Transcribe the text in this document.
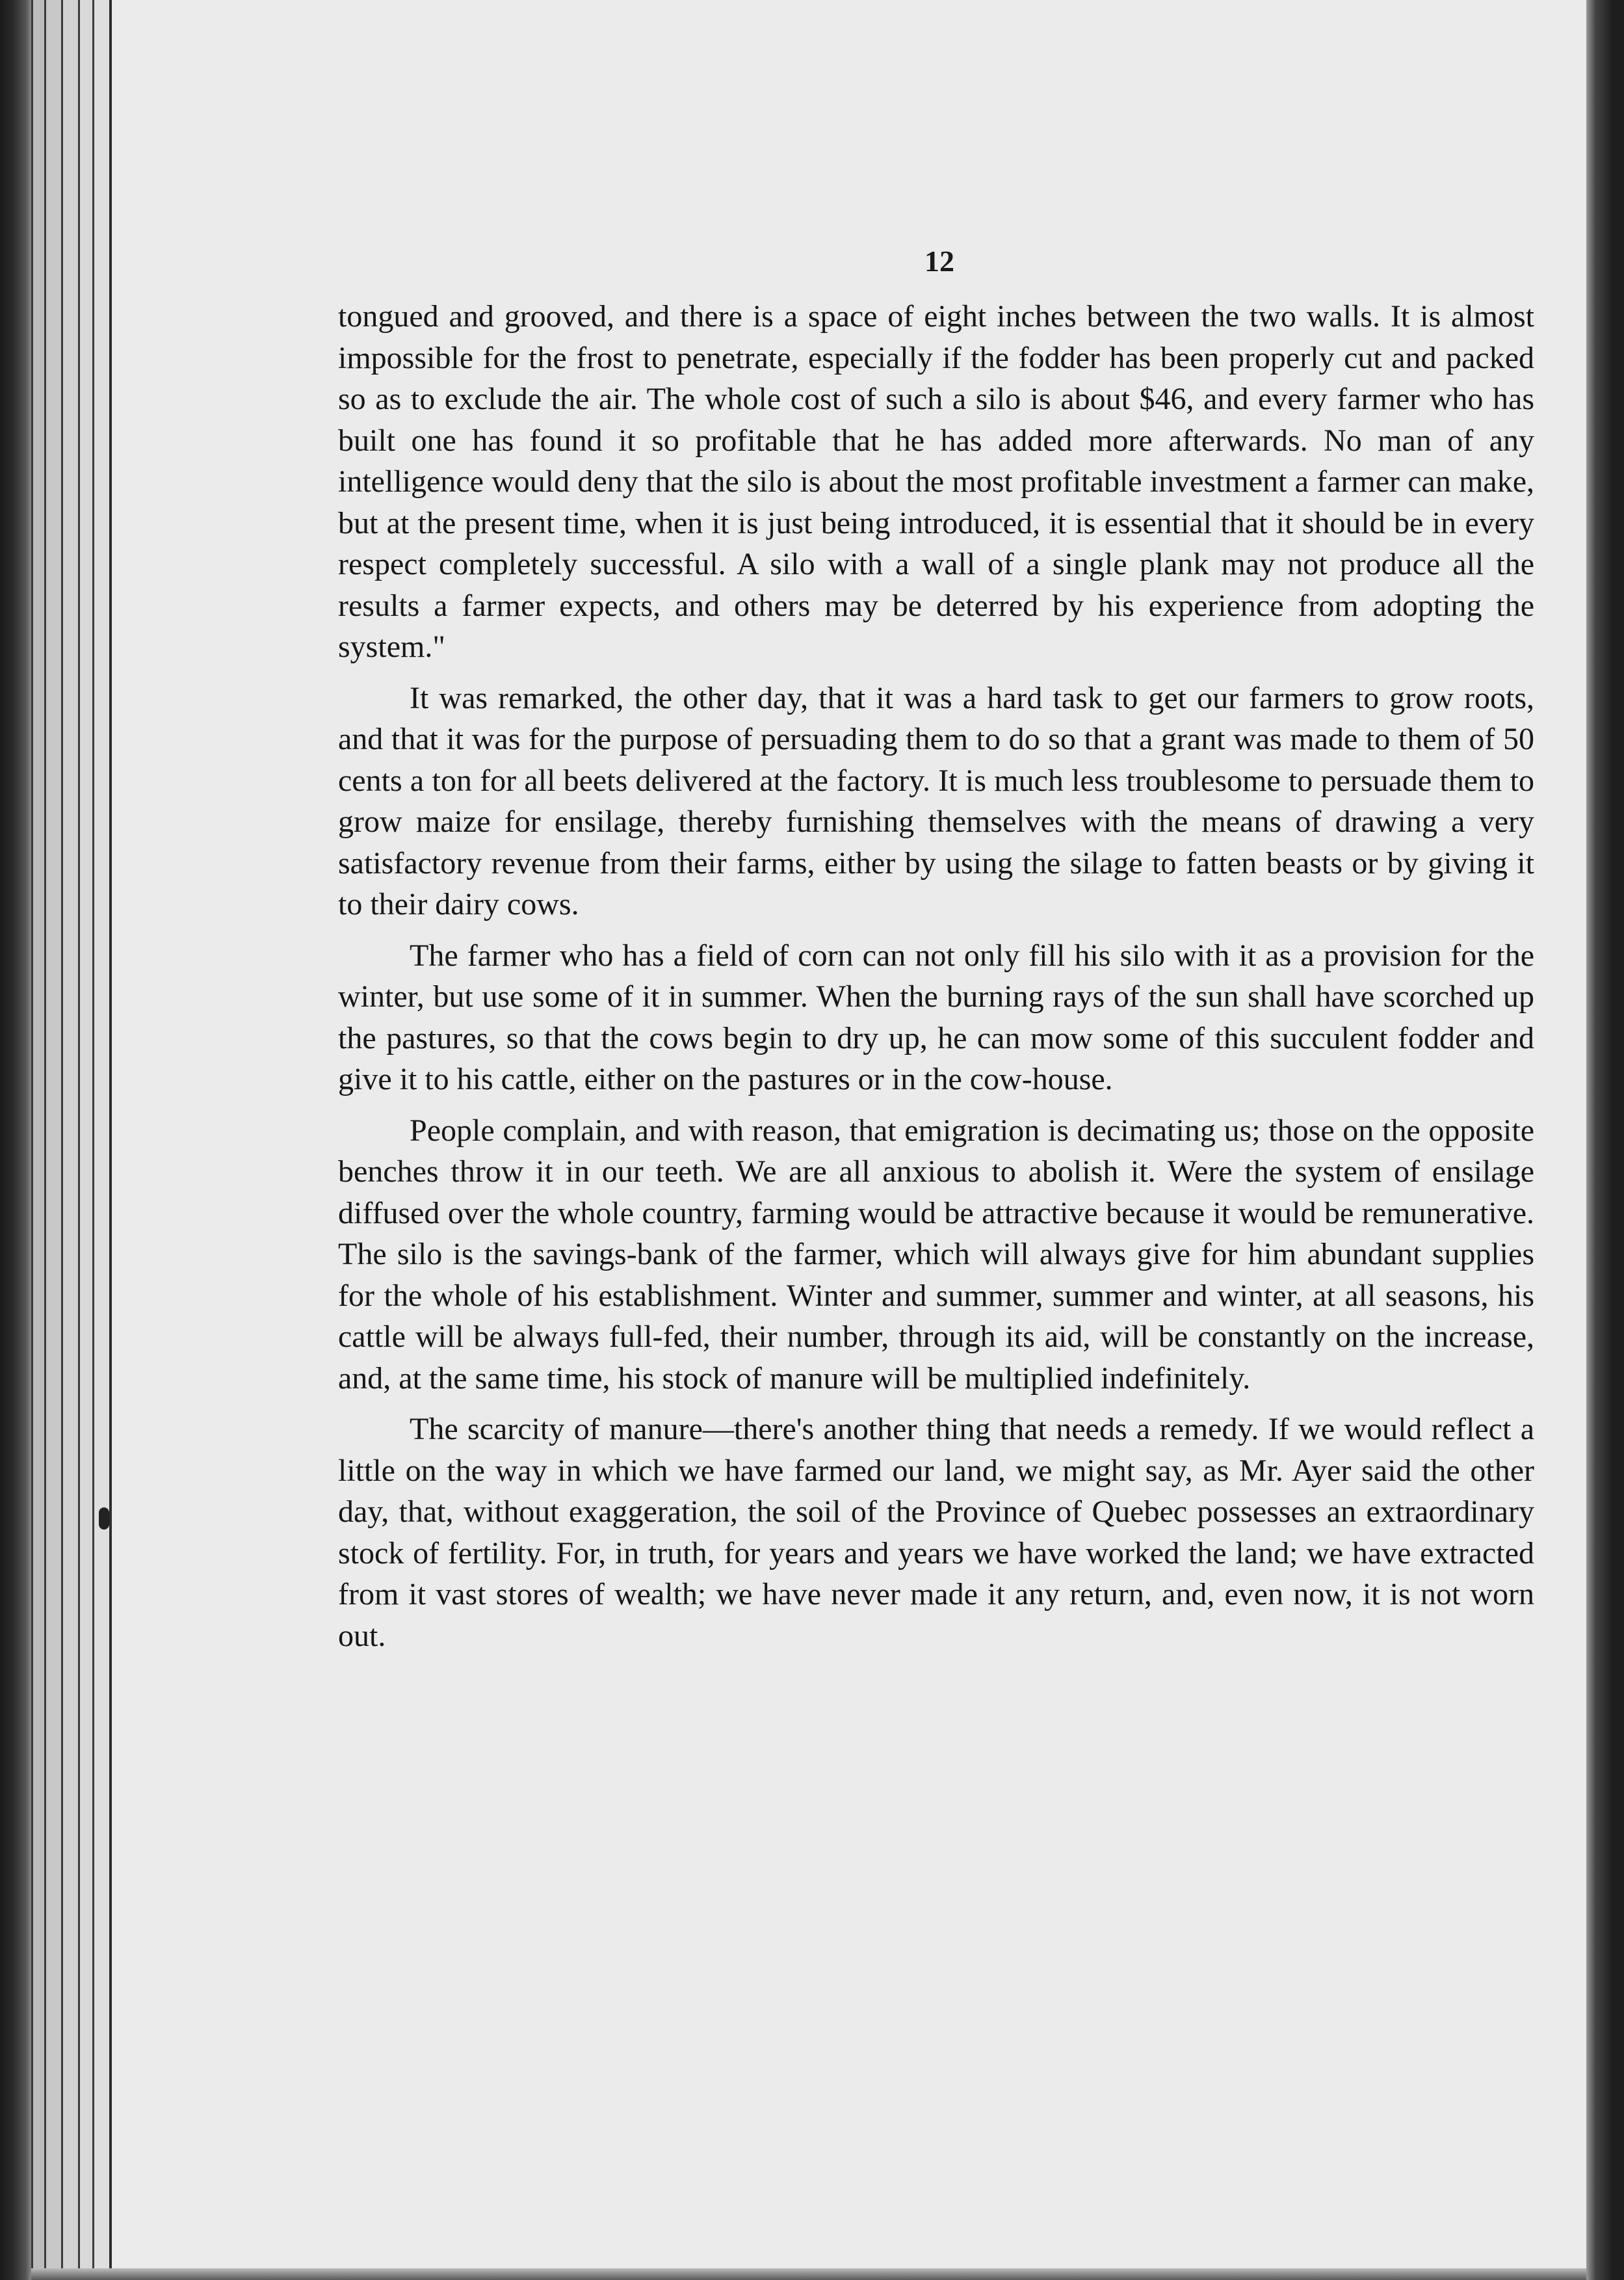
12

tongued and grooved, and there is a space of eight inches between the two walls. It is almost impossible for the frost to penetrate, especially if the fodder has been properly cut and packed so as to exclude the air. The whole cost of such a silo is about $46, and every farmer who has built one has found it so profitable that he has added more afterwards. No man of any intelligence would deny that the silo is about the most profitable investment a farmer can make, but at the present time, when it is just being introduced, it is essential that it should be in every respect completely successful. A silo with a wall of a single plank may not produce all the results a farmer expects, and others may be deterred by his experience from adopting the system."

It was remarked, the other day, that it was a hard task to get our farmers to grow roots, and that it was for the purpose of persuading them to do so that a grant was made to them of 50 cents a ton for all beets delivered at the factory. It is much less troublesome to persuade them to grow maize for ensilage, thereby furnishing themselves with the means of drawing a very satisfactory revenue from their farms, either by using the silage to fatten beasts or by giving it to their dairy cows.

The farmer who has a field of corn can not only fill his silo with it as a provision for the winter, but use some of it in summer. When the burning rays of the sun shall have scorched up the pastures, so that the cows begin to dry up, he can mow some of this succulent fodder and give it to his cattle, either on the pastures or in the cow-house.

People complain, and with reason, that emigration is decimating us; those on the opposite benches throw it in our teeth. We are all anxious to abolish it. Were the system of ensilage diffused over the whole country, farming would be attractive because it would be remunerative. The silo is the savings-bank of the farmer, which will always give for him abundant supplies for the whole of his establishment. Winter and summer, summer and winter, at all seasons, his cattle will be always full-fed, their number, through its aid, will be constantly on the increase, and, at the same time, his stock of manure will be multiplied indefinitely.

The scarcity of manure—there's another thing that needs a remedy. If we would reflect a little on the way in which we have farmed our land, we might say, as Mr. Ayer said the other day, that, without exaggeration, the soil of the Province of Quebec possesses an extraordinary stock of fertility. For, in truth, for years and years we have worked the land; we have extracted from it vast stores of wealth; we have never made it any return, and, even now, it is not worn out.
